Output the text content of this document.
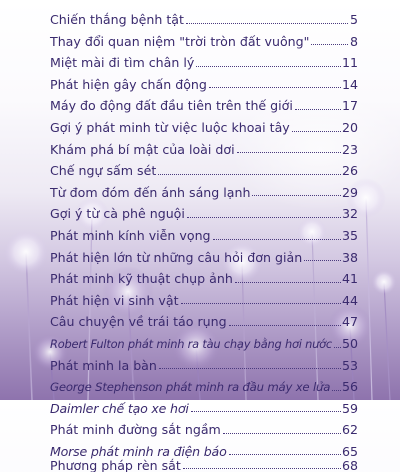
Chiến thắng bệnh tật	5
Thay đổi quan niệm "trời tròn đất vuông"	8
Miệt mài đi tìm chân lý	11
Phát hiện gây chấn động	14
Máy đo động đất đầu tiên trên thế giới	17
Gợi ý phát minh từ việc luộc khoai tây	20
Khám phá bí mật của loài dơi	23
Chế ngự sấm sét	26
Từ đom đóm đến ánh sáng lạnh	29
Gợi ý từ cà phê nguội	32
Phát minh kính viễn vọng	35
Phát hiện lớn từ những câu hỏi đơn giản	38
Phát minh kỹ thuật chụp ảnh	41
Phát hiện vi sinh vật	44
Câu chuyện về trái táo rụng	47
Robert Fulton phát minh ra tàu chạy bằng hơi nước 50
Phát minh la bàn	53
George Stephenson phát minh ra đầu máy xe lửa 56
Daimler chế tạo xe hơi	59
Phát minh đường sắt ngầm	62
Morse phát minh ra điện báo	65
Phương pháp rèn sắt	68
